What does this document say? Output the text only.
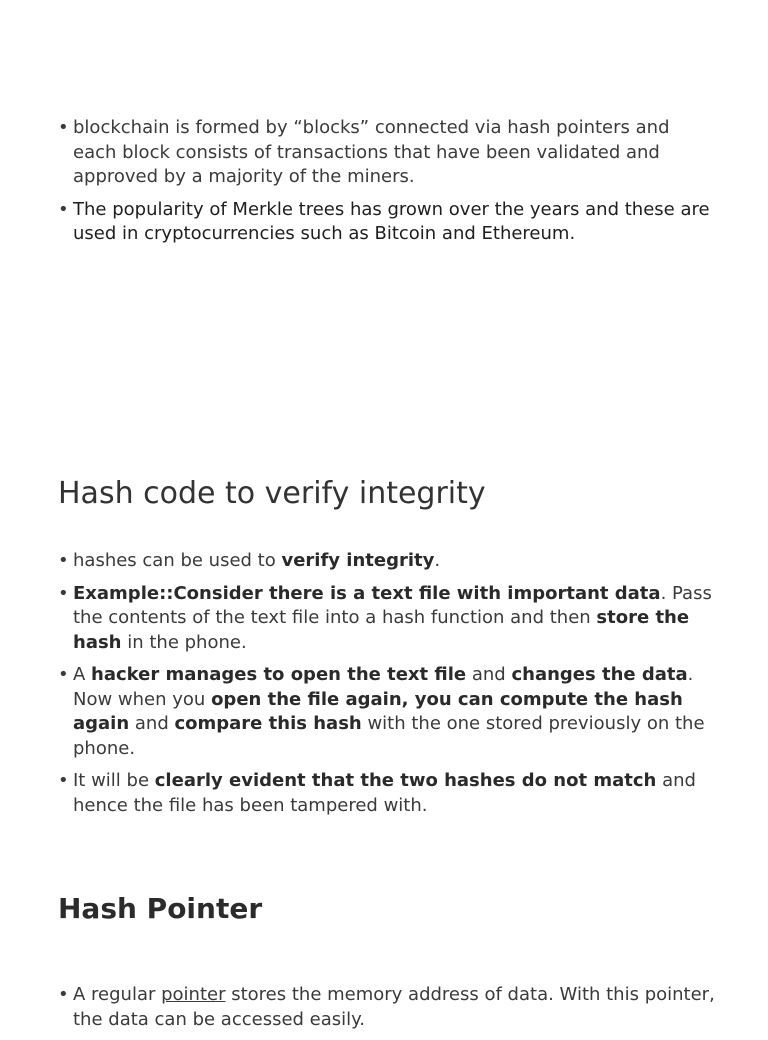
• blockchain is formed by “blocks” connected via hash pointers and each block consists of transactions that have been validated and approved by a majority of the miners.
• The popularity of Merkle trees has grown over the years and these are used in cryptocurrencies such as Bitcoin and Ethereum.
Hash code to verify integrity
• hashes can be used to verify integrity.
• Example::Consider there is a text file with important data. Pass the contents of the text file into a hash function and then store the hash in the phone.
• A hacker manages to open the text file and changes the data. Now when you open the file again, you can compute the hash again and compare this hash with the one stored previously on the phone.
• It will be clearly evident that the two hashes do not match and hence the file has been tampered with.
Hash Pointer
• A regular pointer stores the memory address of data. With this pointer, the data can be accessed easily.
